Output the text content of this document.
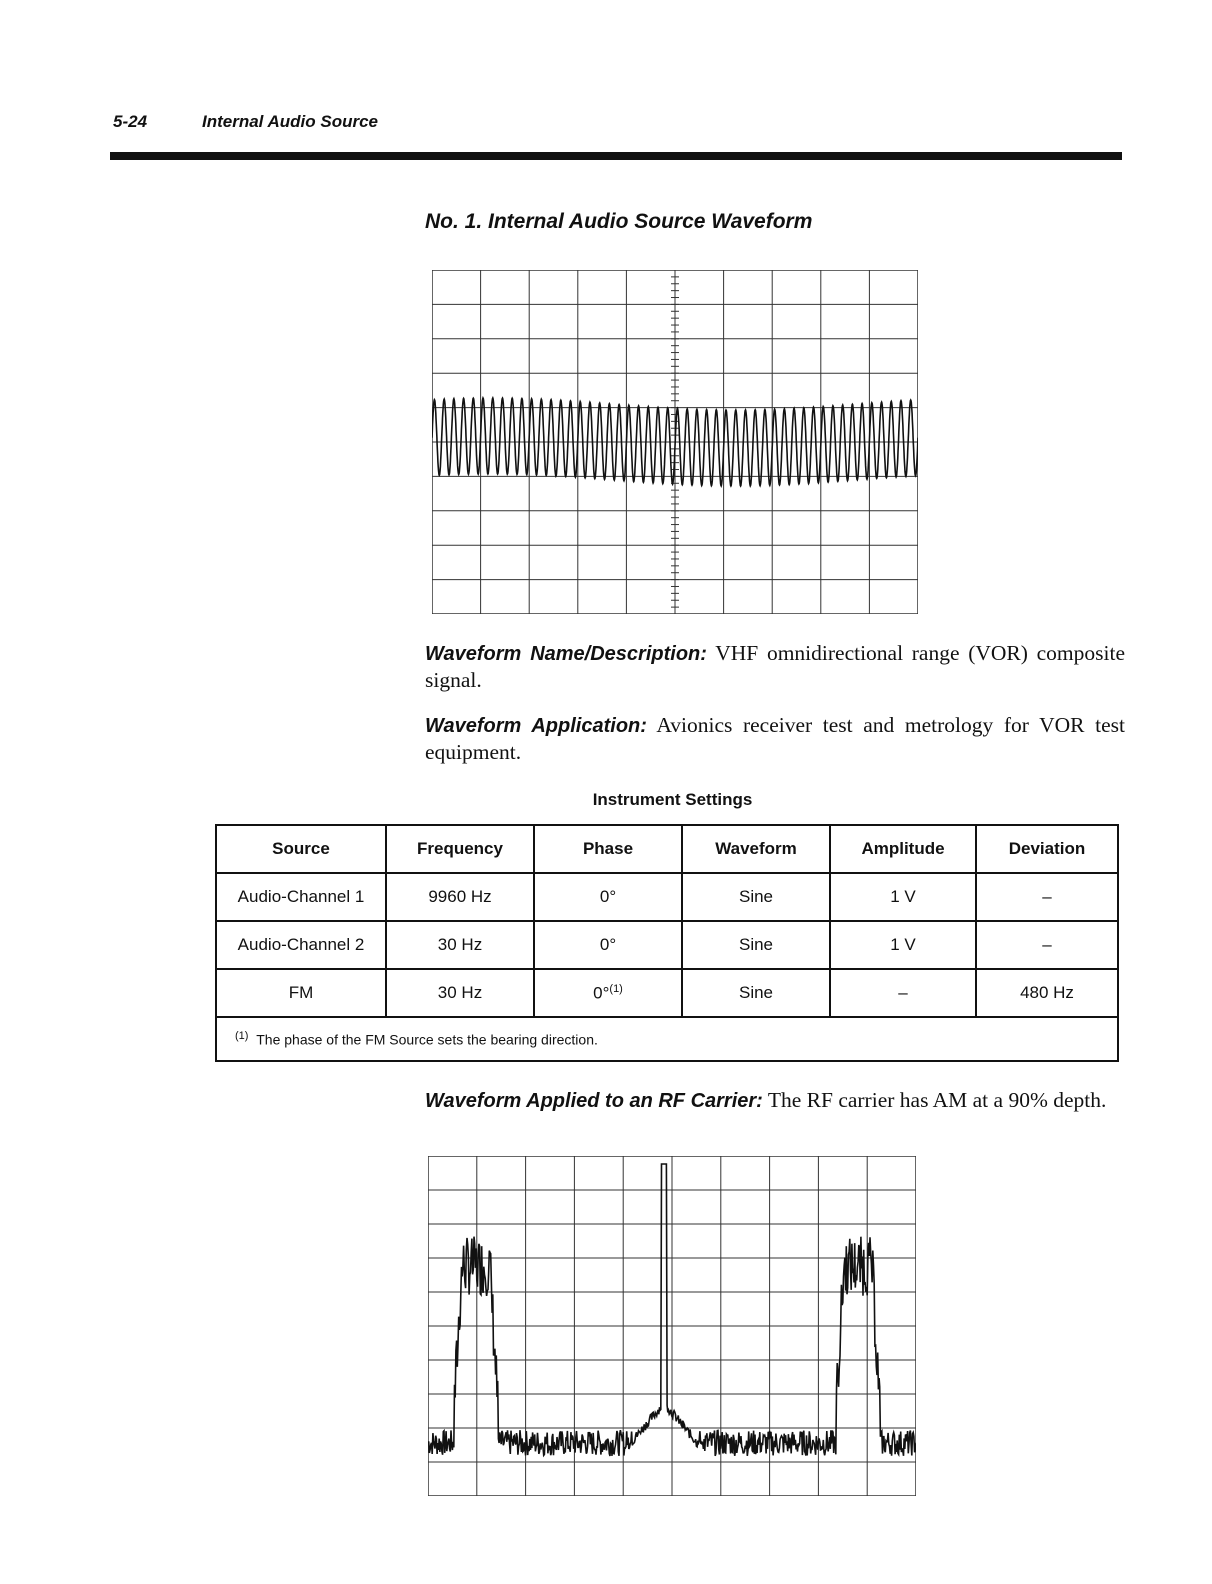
5-24	Internal Audio Source
No. 1. Internal Audio Source Waveform
Waveform Name/Description: VHF omnidirectional range (VOR) composite signal.
Waveform Application: Avionics receiver test and metrology for VOR test equipment.
Instrument Settings
Source	Frequency	Phase	Waveform	Amplitude	Deviation
Audio-Channel 1	9960 Hz	0°	Sine	1 V	–
Audio-Channel 2	30 Hz	0°	Sine	1 V	–
FM	30 Hz	0°$^{(1)}$	Sine	–	480 Hz
$^{(1)}$ The phase of the FM Source sets the bearing direction.					
Waveform Applied to an RF Carrier: The RF carrier has AM at a 90% depth.
